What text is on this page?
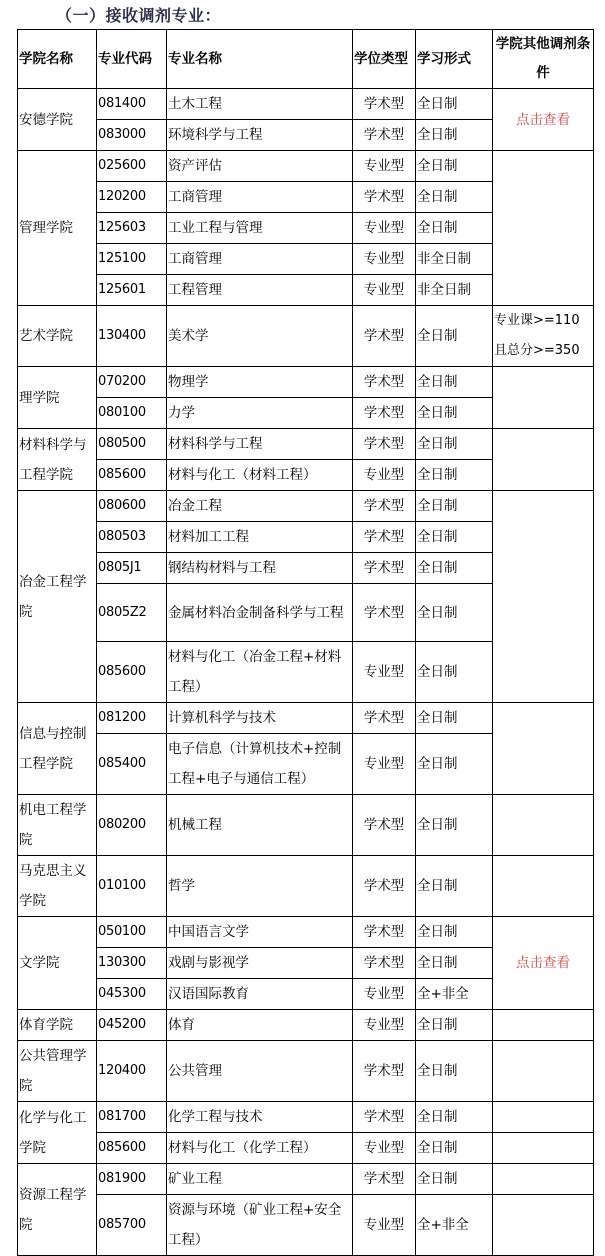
（一）接收调剂专业：
学院名称	专业代码	专业名称	学位类型	学习形式	学院其他调剂条件
安德学院	081400	土木工程	学术型	全日制	点击查看
	083000	环境科学与工程	学术型	全日制	
管理学院	025600	资产评估	专业型	全日制	
	120200	工商管理	学术型	全日制	
	125603	工业工程与管理	专业型	全日制	
	125100	工商管理	专业型	非全日制	
	125601	工程管理	专业型	非全日制	
艺术学院	130400	美术学	学术型	全日制	专业课>=110且总分>=350
理学院	070200	物理学	学术型	全日制	
	080100	力学	学术型	全日制	
材料科学与工程学院	080500	材料科学与工程	学术型	全日制	
	085600	材料与化工（材料工程）	专业型	全日制	
冶金工程学院	080600	冶金工程	学术型	全日制	
	080503	材料加工工程	学术型	全日制	
	0805J1	钢结构材料与工程	学术型	全日制	
	0805Z2	金属材料冶金制备科学与工程	学术型	全日制	
	085600	材料与化工（冶金工程+材料工程）	专业型	全日制	
信息与控制工程学院	081200	计算机科学与技术	学术型	全日制	
	085400	电子信息（计算机技术+控制工程+电子与通信工程）	专业型	全日制	
机电工程学院	080200	机械工程	学术型	全日制	
马克思主义学院	010100	哲学	学术型	全日制	
文学院	050100	中国语言文学	学术型	全日制	点击查看
	130300	戏剧与影视学	学术型	全日制	
	045300	汉语国际教育	专业型	全+非全	
体育学院	045200	体育	专业型	全日制	
公共管理学院	120400	公共管理	学术型	全日制	
化学与化工学院	081700	化学工程与技术	学术型	全日制	
	085600	材料与化工（化学工程）	专业型	全日制	
资源工程学院	081900	矿业工程	学术型	全日制	
	085700	资源与环境（矿业工程+安全工程）	专业型	全+非全	
